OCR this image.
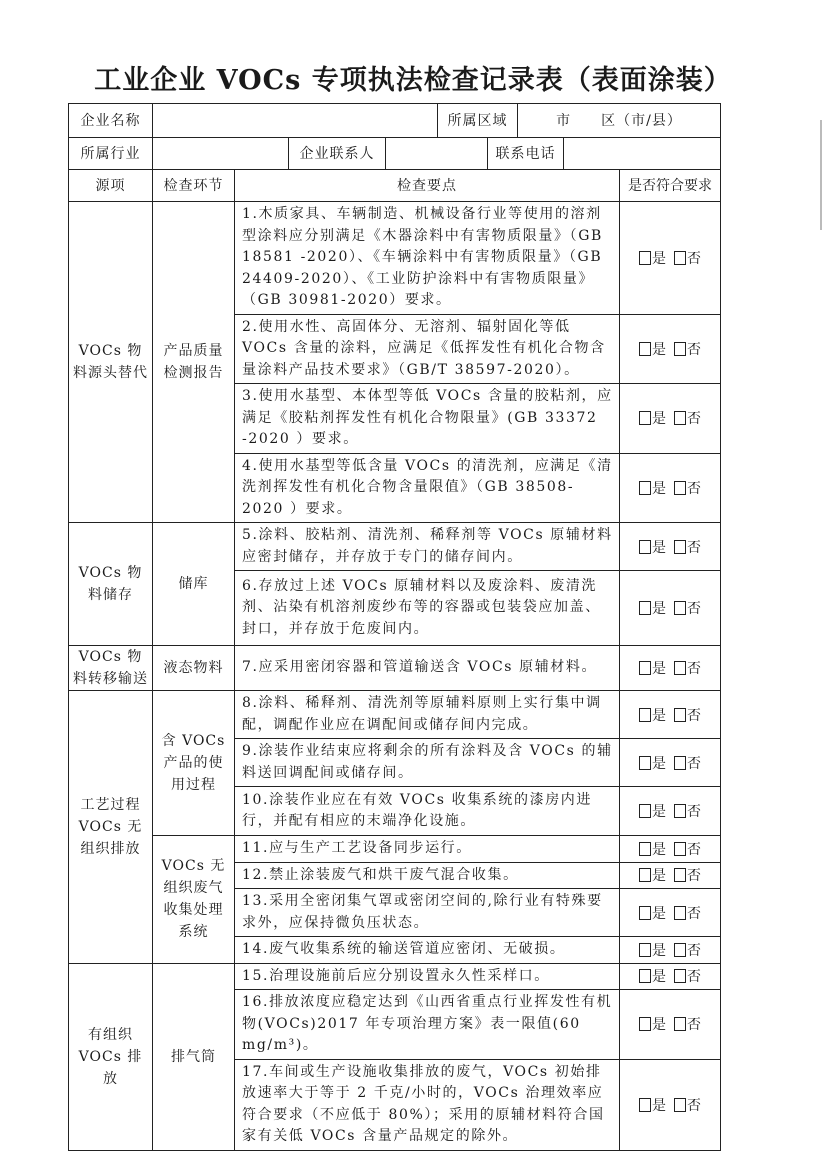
工业企业 VOCs 专项执法检查记录表（表面涂装）
企业名称		所属区域	市　　区（市/县）
所属行业		企业联系人		联系电话	
源项	检查环节	检查要点	是否符合要求
VOCs 物料源头替代	产品质量检测报告	1.木质家具、车辆制造、机械设备行业等使用的溶剂型涂料应分别满足《木器涂料中有害物质限量》（GB 18581 -2020）、《车辆涂料中有害物质限量》（GB 24409-2020）、《工业防护涂料中有害物质限量》（GB 30981-2020）要求。	是 否
		2.使用水性、高固体分、无溶剂、辐射固化等低 VOCs 含量的涂料，应满足《低挥发性有机化合物含量涂料产品技术要求》（GB/T 38597-2020）。	是 否
		3.使用水基型、本体型等低 VOCs 含量的胶粘剂，应满足《胶粘剂挥发性有机化合物限量》(GB 33372 -2020 ）要求。	是 否
		4.使用水基型等低含量 VOCs 的清洗剂，应满足《清洗剂挥发性有机化合物含量限值》（GB 38508-2020 ）要求。	是 否
VOCs 物料储存	储库	5.涂料、胶粘剂、清洗剂、稀释剂等 VOCs 原辅材料应密封储存，并存放于专门的储存间内。	是 否
		6.存放过上述 VOCs 原辅材料以及废涂料、废清洗剂、沾染有机溶剂废纱布等的容器或包装袋应加盖、封口，并存放于危废间内。	是 否
VOCs 物料转移输送	液态物料	7.应采用密闭容器和管道输送含 VOCs 原辅材料。	是 否
工艺过程 VOCs 无组织排放	含 VOCs 产品的使用过程	8.涂料、稀释剂、清洗剂等原辅料原则上实行集中调配，调配作业应在调配间或储存间内完成。	是 否
		9.涂装作业结束应将剩余的所有涂料及含 VOCs 的辅料送回调配间或储存间。	是 否
		10.涂装作业应在有效 VOCs 收集系统的漆房内进行，并配有相应的末端净化设施。	是 否
	VOCs 无组织废气收集处理系统	11.应与生产工艺设备同步运行。	是 否
		12.禁止涂装废气和烘干废气混合收集。	是 否
		13.采用全密闭集气罩或密闭空间的,除行业有特殊要求外，应保持微负压状态。	是 否
		14.废气收集系统的输送管道应密闭、无破损。	是 否
有组织 VOCs 排放	排气筒	15.治理设施前后应分别设置永久性采样口。	是 否
		16.排放浓度应稳定达到《山西省重点行业挥发性有机物(VOCs)2017 年专项治理方案》表一限值(60 mg/m³)。	是 否
		17.车间或生产设施收集排放的废气，VOCs 初始排放速率大于等于 2 千克/小时的，VOCs 治理效率应符合要求（不应低于 80%）；采用的原辅材料符合国家有关低 VOCs 含量产品规定的除外。	是 否
